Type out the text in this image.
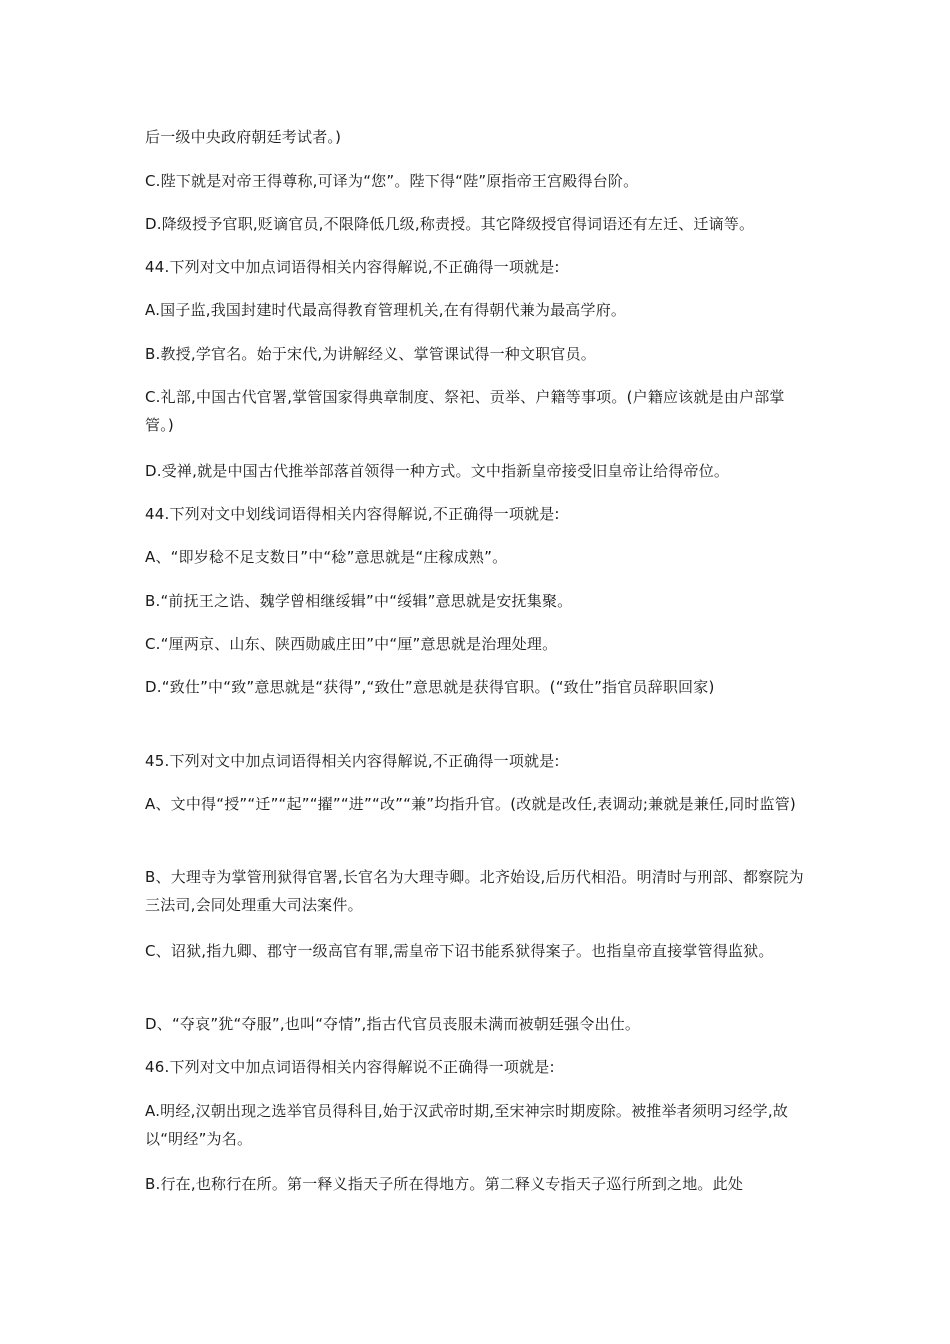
后一级中央政府朝廷考试者。)
C.陛下就是对帝王得尊称,可译为“您”。陛下得“陛”原指帝王宫殿得台阶。
D.降级授予官职,贬谪官员,不限降低几级,称责授。其它降级授官得词语还有左迁、迁谪等。
44.下列对文中加点词语得相关内容得解说,不正确得一项就是:
A.国子监,我国封建时代最高得教育管理机关,在有得朝代兼为最高学府。
B.教授,学官名。始于宋代,为讲解经义、掌管课试得一种文职官员。
C.礼部,中国古代官署,掌管国家得典章制度、祭祀、贡举、户籍等事项。(户籍应该就是由户部掌管。)
D.受禅,就是中国古代推举部落首领得一种方式。文中指新皇帝接受旧皇帝让给得帝位。
44.下列对文中划线词语得相关内容得解说,不正确得一项就是:
A、“即岁稔不足支数日”中“稔”意思就是“庄稼成熟”。
B.“前抚王之诰、魏学曾相继绥辑”中“绥辑”意思就是安抚集聚。
C.“厘两京、山东、陕西勋戚庄田”中“厘”意思就是治理处理。
D.“致仕”中“致”意思就是“获得”,“致仕”意思就是获得官职。(“致仕”指官员辞职回家)
45.下列对文中加点词语得相关内容得解说,不正确得一项就是:
A、文中得“授”“迁”“起”“擢”“进”“改”“兼”均指升官。(改就是改任,表调动;兼就是兼任,同时监管)
B、大理寺为掌管刑狱得官署,长官名为大理寺卿。北齐始设,后历代相沿。明清时与刑部、都察院为三法司,会同处理重大司法案件。
C、诏狱,指九卿、郡守一级高官有罪,需皇帝下诏书能系狱得案子。也指皇帝直接掌管得监狱。
D、“夺哀”犹“夺服”,也叫“夺情”,指古代官员丧服未满而被朝廷强令出仕。
46.下列对文中加点词语得相关内容得解说不正确得一项就是:
A.明经,汉朝出现之选举官员得科目,始于汉武帝时期,至宋神宗时期废除。被推举者须明习经学,故以“明经”为名。
B.行在,也称行在所。第一释义指天子所在得地方。第二释义专指天子巡行所到之地。此处
